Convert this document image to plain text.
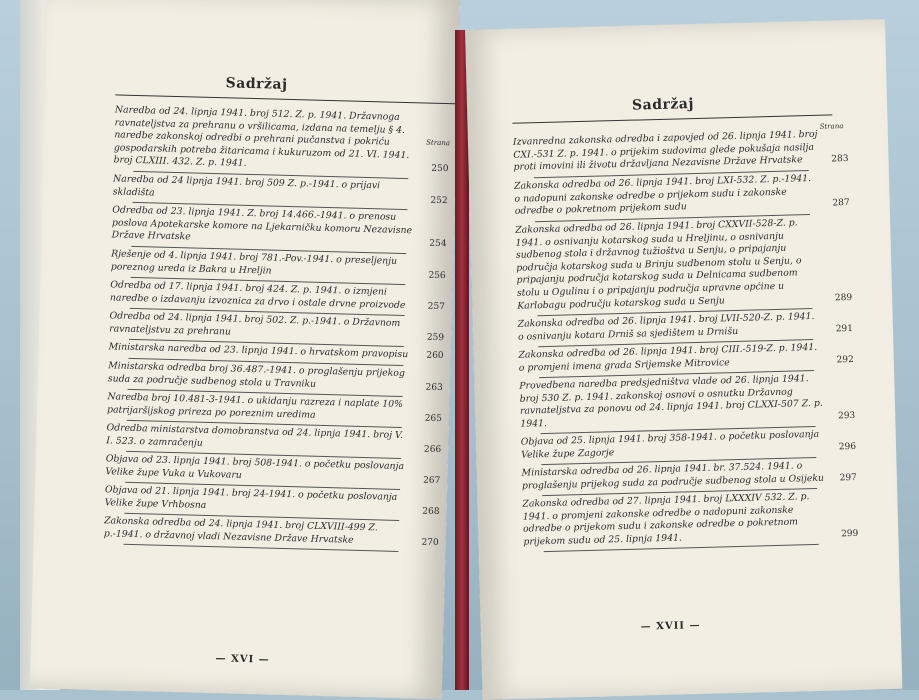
Sadržaj
Strana
Naredba od 24. lipnja 1941. broj 512. Z. p. 1941. Državnoga ravnateljstva za prehranu o vršilicama, izdana na temelju § 4. naredbe zakonskoj odredbi o prehrani pučanstva i pokriću gospodarskih potreba žitaricama i kukuruzom od 21. VI. 1941. broj CLXIII. 432. Z. p. 1941.
250
Naredba od 24 lipnja 1941. broj 509 Z. p.-1941. o prijavi skladišta
252
Odredba od 23. lipnja 1941. Z. broj 14.466.-1941. o prenosu poslova Apotekarske komore na Ljekarničku komoru Nezavisne Države Hrvatske
254
Rješenje od 4. lipnja 1941. broj 781.-Pov.-1941. o preseljenju poreznog ureda iz Bakra u Hreljin	256
Odredba od 17. lipnja 1941. broj 424. Z. p. 1941. o izmjeni naredbe o izdavanju izvoznica za drvo i ostale drvne proizvode	257
Odredba od 24. lipnja 1941. broj 502. Z. p.-1941. o Državnom ravnateljstvu za prehranu
259
Ministarska naredba od 23. lipnja 1941. o hrvatskom pravopisu	260
Ministarska odredba broj 36.487.-1941. o proglašenju prijekog suda za područje sudbenog stola u Travniku	263
Naredba broj 10.481-3-1941. o ukidanju razreza i naplate 10% patrijaršijskog prireza po poreznim uredima	265
Odredba ministarstva domobranstva od 24. lipnja 1941. broj V. I. 523. o zamračenju
266
Objava od 23. lipnja 1941. broj 508-1941. o početku poslovanja Velike župe Vuka u Vukovaru	267
Objava od 21. lipnja 1941. broj 24-1941. o početku poslovanja Velike župe Vrhbosna
268
Zakonska odredba od 24. lipnja 1941. broj CLXVIII-499 Z. p.-1941. o državnoj vladi Nezavisne Države Hrvatske	270
— XVI —
Sadržaj
Strana
Izvanredna zakonska odredba i zapovjed od 26. lipnja 1941. broj CXI.-531 Z. p. 1941. o prijekim sudovima glede pokušaja nasilja proti imovini ili životu državljana Nezavisne Države Hrvatske	283
Zakonska odredba od 26. lipnja 1941. broj LXI-532. Z. p.-1941. o nadopuni zakonske odredbe o prijekom sudu i zakonske odredbe o pokretnom prijekom sudu	287
Zakonska odredba od 26. lipnja 1941. broj CXXVII-528-Z. p. 1941. o osnivanju kotarskog suda u Hreljinu, o osnivanju sudbenog stola i državnog tužioštva u Senju, o pripajanju područja kotarskog suda u Brinju sudbenom stolu u Senju, o pripajanju područja kotarskog suda u Delnicama sudbenom stolu u Ogulinu i o pripajanju područja upravne općine u Karlobagu području kotarskog suda u Senju	289
Zakonska odredba od 26. lipnja 1941. broj LVII-520-Z. p. 1941. o osnivanju kotara Drniš sa sjedištem u Drnišu	291
Zakonska odredba od 26. lipnja 1941. broj CIII.-519-Z. p. 1941. o promjeni imena grada Srijemske Mitrovice	292
Provedbena naredba predsjedništva vlade od 26. lipnja 1941. broj 530 Z. p. 1941. zakonskoj osnovi o osnutku Državnog ravnateljstva za ponovu od 24. lipnja 1941. broj CLXXI-507 Z. p. 1941.
293
Objava od 25. lipnja 1941. broj 358-1941. o početku poslovanja Velike župe Zagorje
296
Ministarska odredba od 26. lipnja 1941. br. 37.524. 1941. o proglašenju prijekog suda za područje sudbenog stola u Osijeku	297
Zakonska odredba od 27. lipnja 1941. broj LXXXIV 532. Z. p. 1941. o promjeni zakonske odredbe o nadopuni zakonske odredbe o prijekom sudu i zakonske odredbe o pokretnom prijekom sudu od 25. lipnja 1941.	299
— XVII —
